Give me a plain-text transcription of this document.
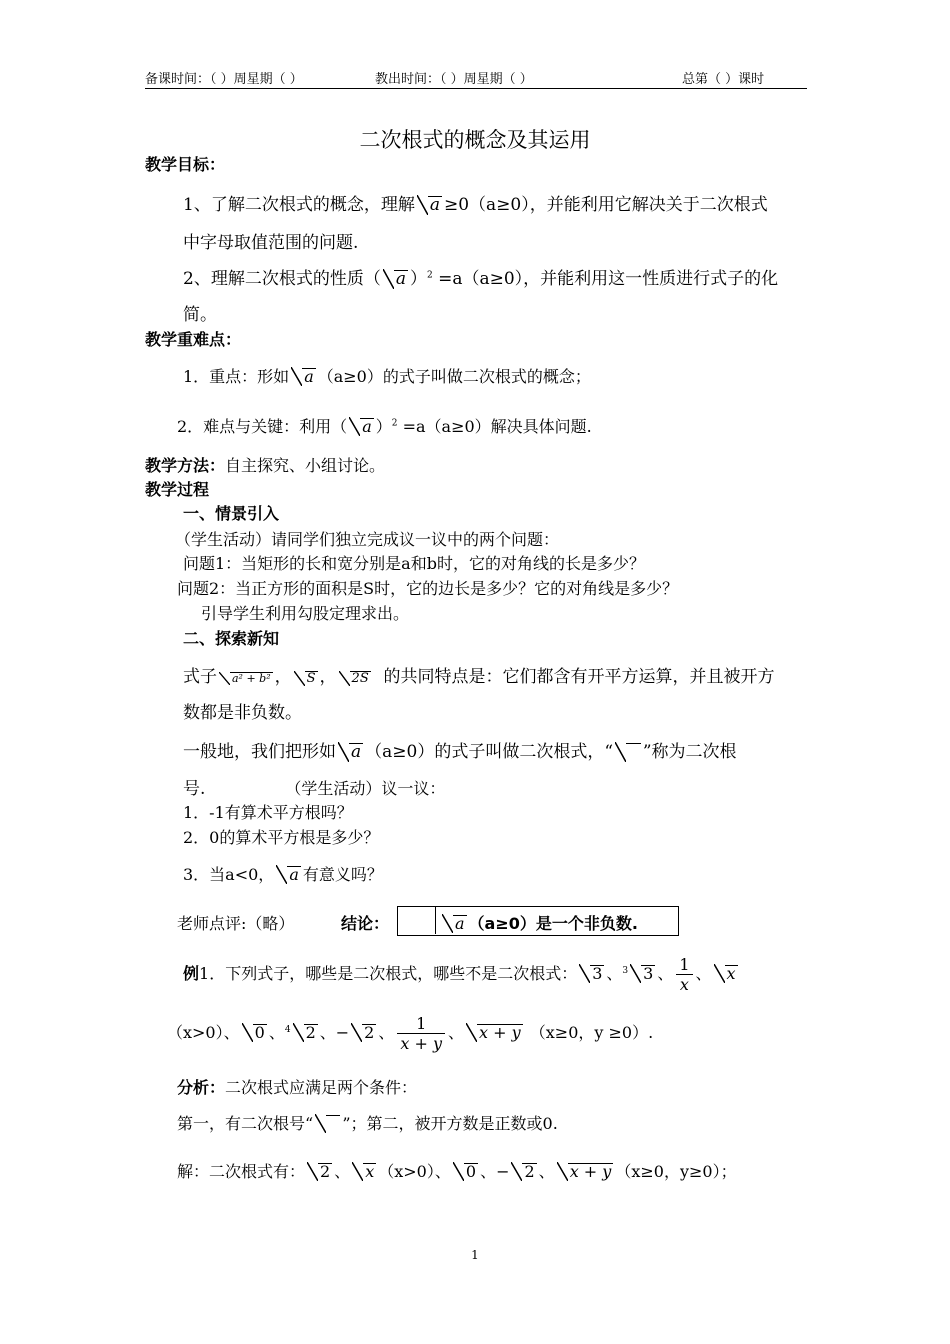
备课时间：（ ）周星期（ ）	教出时间：（ ）周星期（ ）	总第（ ）课时
二次根式的概念及其运用
教学目标：
1、了解二次根式的概念，理解 a ≥0（a≥0），并能利用它解决关于二次根式
中字母取值范围的问题.
2、理解二次根式的性质（ a ）$^2$ =a（a≥0），并能利用这一性质进行式子的化
简。
教学重难点：
1．重点：形如 a （a≥0）的式子叫做二次根式的概念；
2．难点与关键：利用（ a ）$^2$ =a（a≥0）解决具体问题.
教学方法：自主探究、小组讨论。
教学过程
一、情景引入
（学生活动）请同学们独立完成议一议中的两个问题：
问题1：当矩形的长和宽分别是a和b时，它的对角线的长是多少？
问题2：当正方形的面积是S时，它的边长是多少？它的对角线是多少？
引导学生利用勾股定理求出。
二、探索新知
式子 a² + b² ， S ， 2S 的共同特点是：它们都含有开平方运算，并且被开方
数都是非负数。
一般地，我们把形如 a （a≥0）的式子叫做二次根式，“ ”称为二次根
号.	（学生活动）议一议：
1．-1有算术平方根吗？
2．0的算术平方根是多少？
3．当a<0， a 有意义吗？
老师点评:（略）	结论：	a （a≥0）是一个非负数.
例1．下列式子，哪些是二次根式，哪些不是二次根式： 3 、$^3$ 3 、 $\frac{1}{x}$ 、 x
（x>0）、 0 、$^4$ 2 、− 2 、 $\frac{1}{x + y}$ 、 x + y （x≥0，y ≥0）.
分析：二次根式应满足两个条件：
第一，有二次根号“ ”；第二，被开方数是正数或0.
解：二次根式有： 2 、 x （x>0）、 0 、− 2 、 x + y （x≥0，y≥0）；
1
